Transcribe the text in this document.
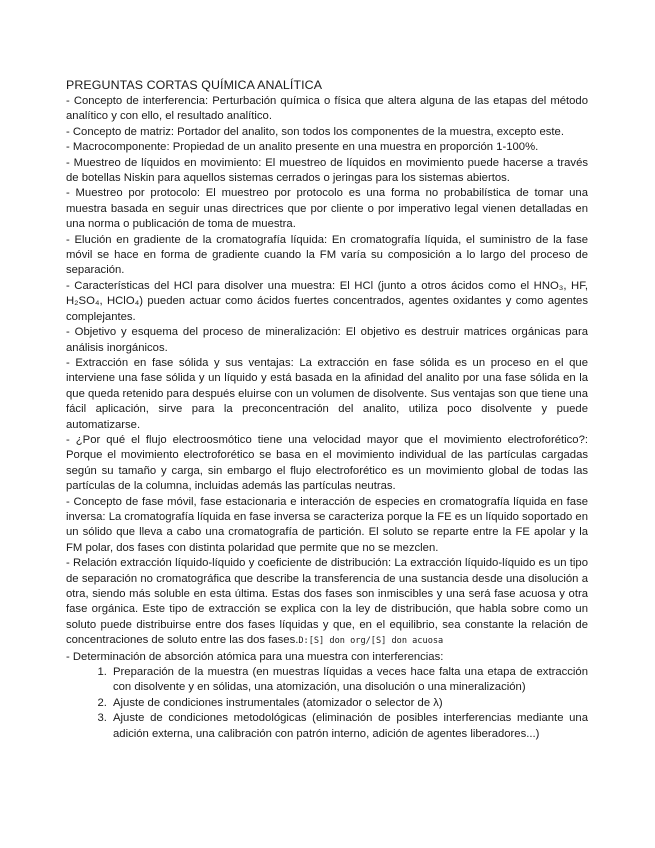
PREGUNTAS CORTAS QUÍMICA ANALÍTICA

- Concepto de interferencia: Perturbación química o física que altera alguna de las etapas del método analítico y con ello, el resultado analítico.

- Concepto de matriz: Portador del analito, son todos los componentes de la muestra, excepto este.

- Macrocomponente: Propiedad de un analito presente en una muestra en proporción 1-100%.

- Muestreo de líquidos en movimiento: El muestreo de líquidos en movimiento puede hacerse a través de botellas Niskin para aquellos sistemas cerrados o jeringas para los sistemas abiertos.

- Muestreo por protocolo: El muestreo por protocolo es una forma no probabilística de tomar una muestra basada en seguir unas directrices que por cliente o por imperativo legal vienen detalladas en una norma o publicación de toma de muestra.

- Elución en gradiente de la cromatografía líquida: En cromatografía líquida, el suministro de la fase móvil se hace en forma de gradiente cuando la FM varía su composición a lo largo del proceso de separación.

- Características del HCl para disolver una muestra: El HCl (junto a otros ácidos como el HNO₃, HF, H₂SO₄, HClO₄) pueden actuar como ácidos fuertes concentrados, agentes oxidantes y como agentes complejantes.

- Objetivo y esquema del proceso de mineralización: El objetivo es destruir matrices orgánicas para análisis inorgánicos.

- Extracción en fase sólida y sus ventajas: La extracción en fase sólida es un proceso en el que interviene una fase sólida y un líquido y está basada en la afinidad del analito por una fase sólida en la que queda retenido para después eluirse con un volumen de disolvente. Sus ventajas son que tiene una fácil aplicación, sirve para la preconcentración del analito, utiliza poco disolvente y puede automatizarse.

- ¿Por qué el flujo electroosmótico tiene una velocidad mayor que el movimiento electroforético?: Porque el movimiento electroforético se basa en el movimiento individual de las partículas cargadas según su tamaño y carga, sin embargo el flujo electroforético es un movimiento global de todas las partículas de la columna, incluidas además las partículas neutras.

- Concepto de fase móvil, fase estacionaria e interacción de especies en cromatografía líquida en fase inversa: La cromatografía líquida en fase inversa se caracteriza porque la FE es un líquido soportado en un sólido que lleva a cabo una cromatografía de partición. El soluto se reparte entre la FE apolar y la FM polar, dos fases con distinta polaridad que permite que no se mezclen.

- Relación extracción líquido-líquido y coeficiente de distribución: La extracción líquido-líquido es un tipo de separación no cromatográfica que describe la transferencia de una sustancia desde una disolución a otra, siendo más soluble en esta última. Estas dos fases son inmiscibles y una será fase acuosa y otra fase orgánica. Este tipo de extracción se explica con la ley de distribución, que habla sobre como un soluto puede distribuirse entre dos fases líquidas y que, en el equilibrio, sea constante la relación de concentraciones de soluto entre las dos fases.D:[S] don org/[S] don acuosa

- Determinación de absorción atómica para una muestra con interferencias:

1. Preparación de la muestra (en muestras líquidas a veces hace falta una etapa de extracción con disolvente y en sólidas, una atomización, una disolución o una mineralización)
2. Ajuste de condiciones instrumentales (atomizador o selector de λ)
3. Ajuste de condiciones metodológicas (eliminación de posibles interferencias mediante una adición externa, una calibración con patrón interno, adición de agentes liberadores...)
